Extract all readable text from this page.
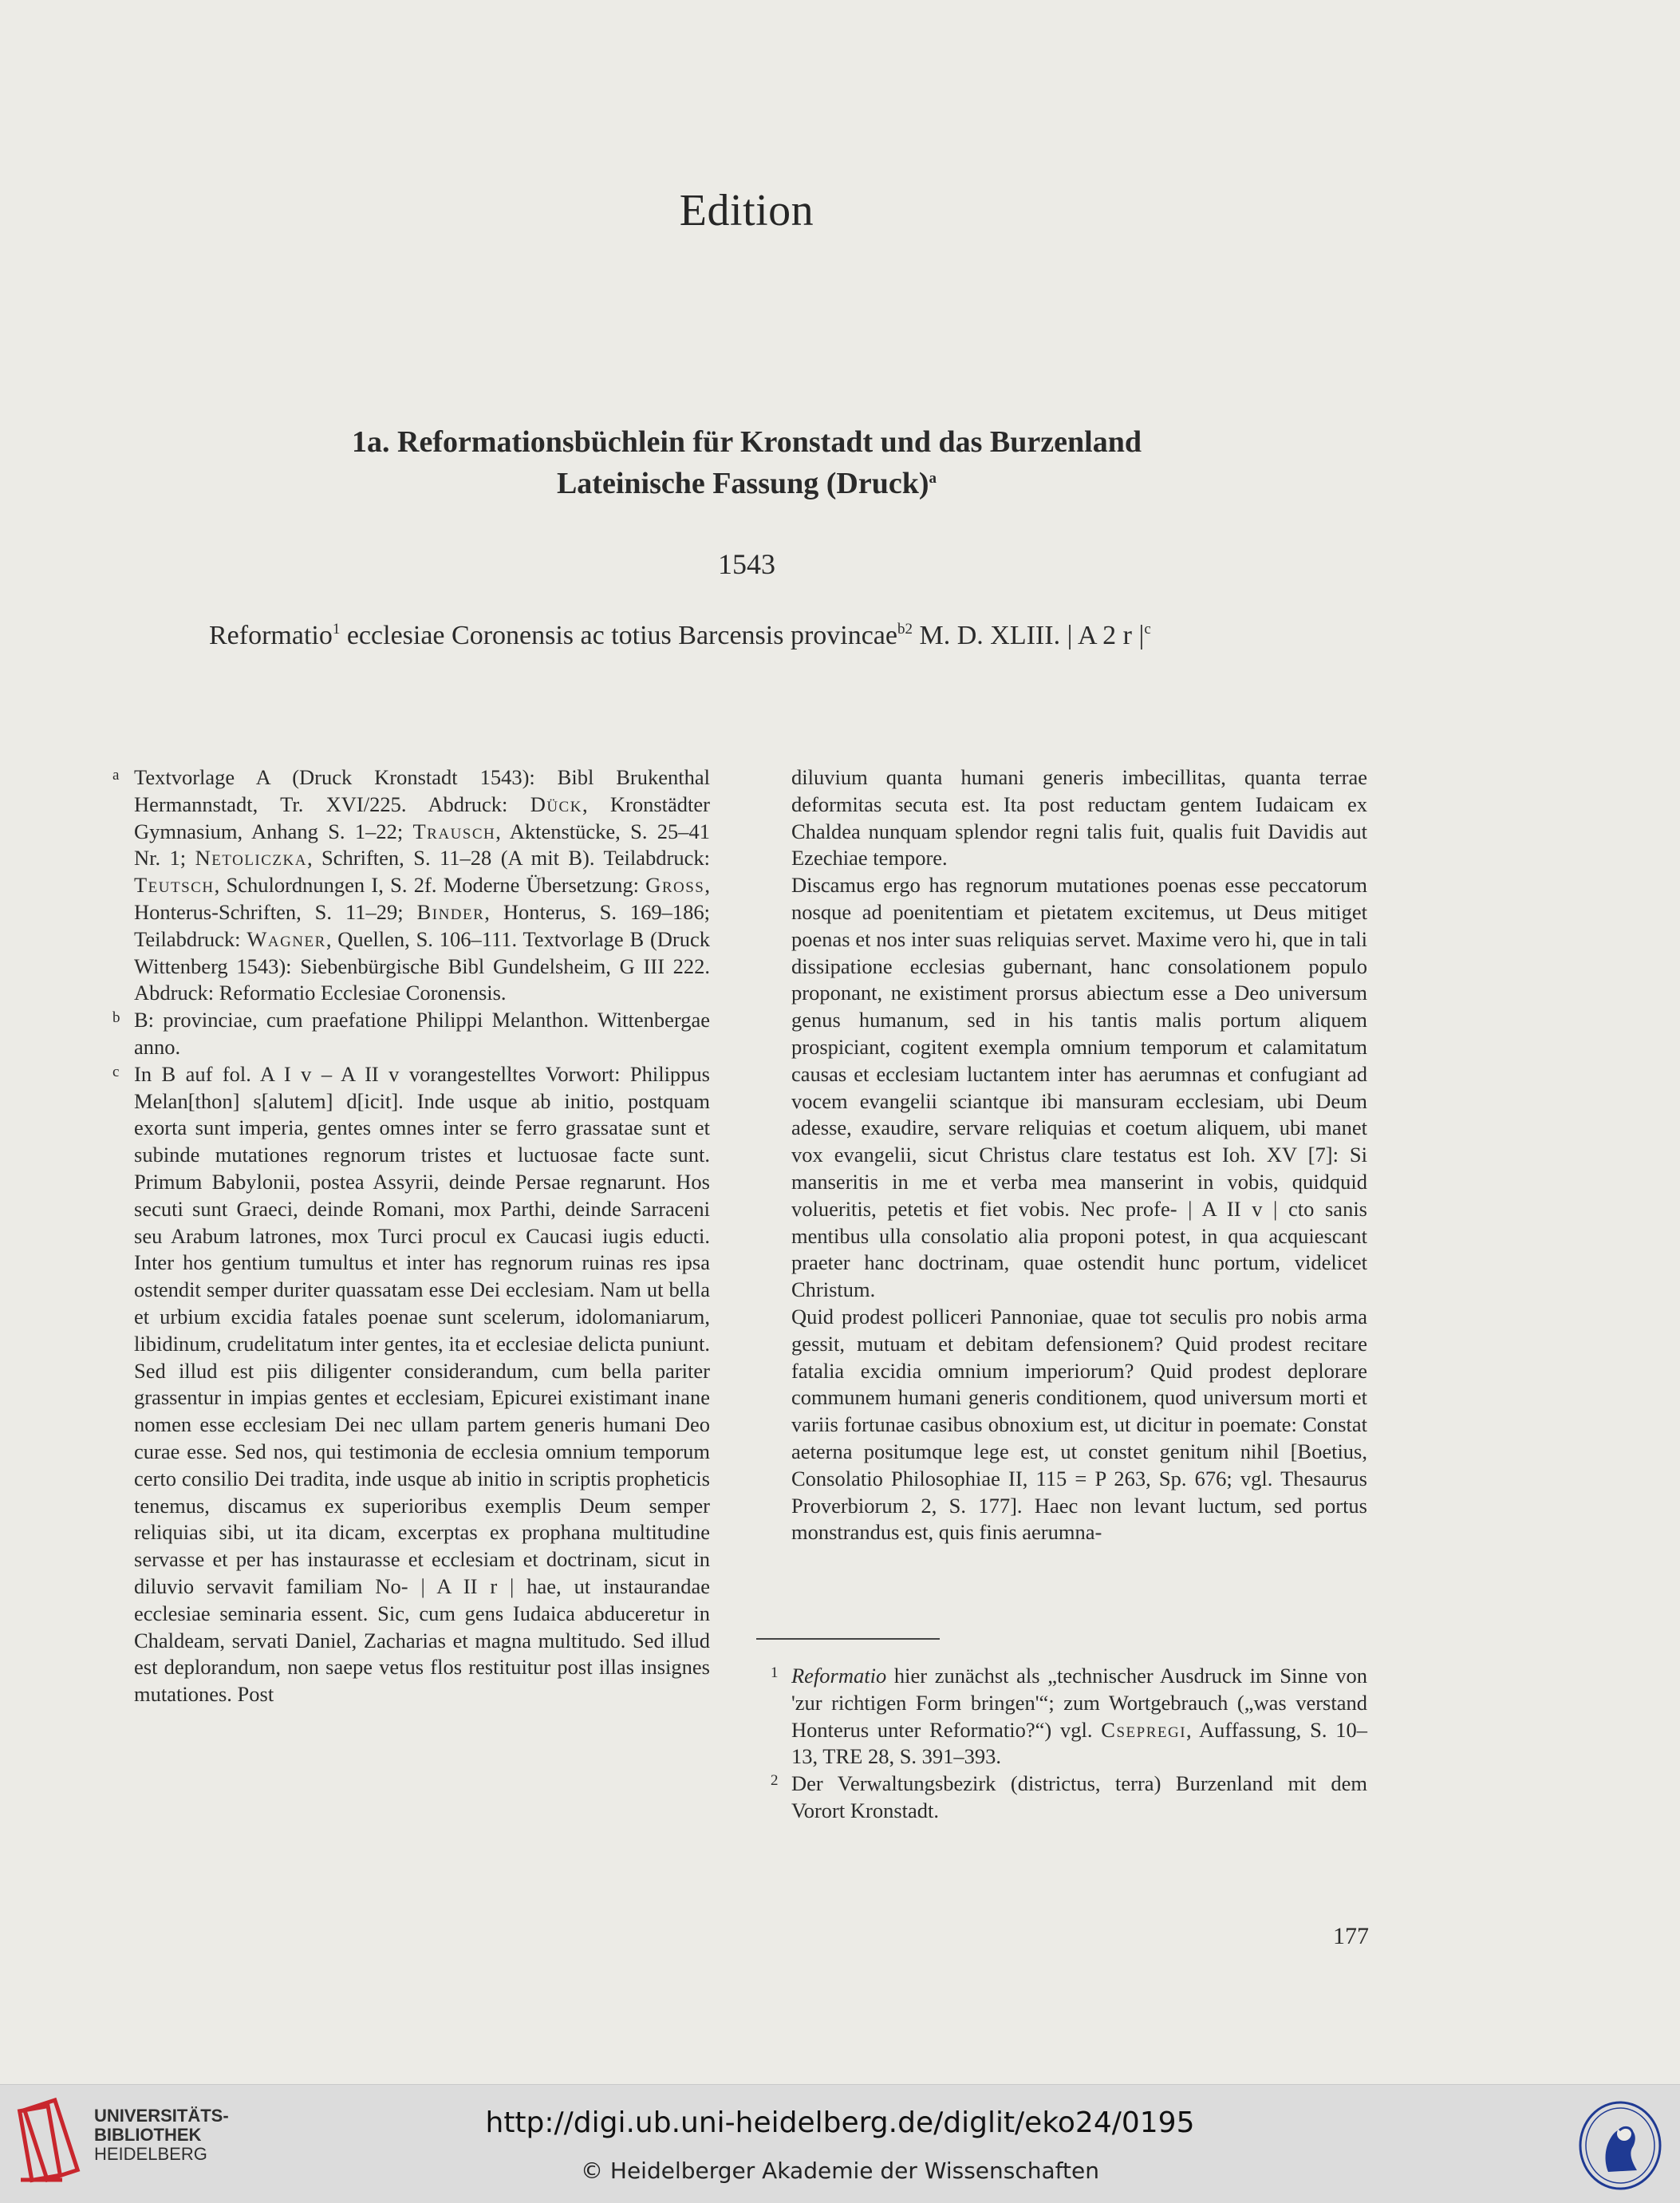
Edition
1a. Reformationsbüchlein für Kronstadt und das Burzenland
Lateinische Fassung (Druck)$^a$
1543
Reformatio$^1$ ecclesiae Coronensis ac totius Barcensis provincae$^{b2}$ M. D. XLIII. | A 2 r |$^c$

a Textvorlage A (Druck Kronstadt 1543): Bibl Brukenthal Hermannstadt, Tr. XVI/225. Abdruck: Dück, Kronstädter Gymnasium, Anhang S. 1–22; Trausch, Aktenstücke, S. 25–41 Nr. 1; Netoliczka, Schriften, S. 11–28 (A mit B). Teilabdruck: Teutsch, Schulordnungen I, S. 2f. Moderne Übersetzung: Gross, Honterus-Schriften, S. 11–29; Binder, Honterus, S. 169–186; Teilabdruck: Wagner, Quellen, S. 106–111. Textvorlage B (Druck Wittenberg 1543): Siebenbürgische Bibl Gundelsheim, G III 222. Abdruck: Reformatio Ecclesiae Coronensis.

b B: provinciae, cum praefatione Philippi Melanthon. Wittenbergae anno.

c In B auf fol. A I v – A II v vorangestelltes Vorwort: Philippus Melan[thon] s[alutem] d[icit]. Inde usque ab initio, postquam exorta sunt imperia, gentes omnes inter se ferro grassatae sunt et subinde mutationes regnorum tristes et luctuosae facte sunt. Primum Babylonii, postea Assyrii, deinde Persae regnarunt. Hos secuti sunt Graeci, deinde Romani, mox Parthi, deinde Sarraceni seu Arabum latrones, mox Turci procul ex Caucasi iugis educti. Inter hos gentium tumultus et inter has regnorum ruinas res ipsa ostendit semper duriter quassatam esse Dei ecclesiam. Nam ut bella et urbium excidia fatales poenae sunt scelerum, idolomaniarum, libidinum, crudelitatum inter gentes, ita et ecclesiae delicta puniunt. Sed illud est piis diligenter considerandum, cum bella pariter grassentur in impias gentes et ecclesiam, Epicurei existimant inane nomen esse ecclesiam Dei nec ullam partem generis humani Deo curae esse. Sed nos, qui testimonia de ecclesia omnium temporum certo consilio Dei tradita, inde usque ab initio in scriptis propheticis tenemus, discamus ex superioribus exemplis Deum semper reliquias sibi, ut ita dicam, excerptas ex prophana multitudine servasse et per has instaurasse et ecclesiam et doctrinam, sicut in diluvio servavit familiam No- | A II r | hae, ut instaurandae ecclesiae seminaria essent. Sic, cum gens Iudaica abduceretur in Chaldeam, servati Daniel, Zacharias et magna multitudo. Sed illud est deplorandum, non saepe vetus flos restituitur post illas insignes mutationes. Post

diluvium quanta humani generis imbecillitas, quanta terrae deformitas secuta est. Ita post reductam gentem Iudaicam ex Chaldea nunquam splendor regni talis fuit, qualis fuit Davidis aut Ezechiae tempore.

Discamus ergo has regnorum mutationes poenas esse peccatorum nosque ad poenitentiam et pietatem excitemus, ut Deus mitiget poenas et nos inter suas reliquias servet. Maxime vero hi, que in tali dissipatione ecclesias gubernant, hanc consolationem populo proponant, ne existiment prorsus abiectum esse a Deo universum genus humanum, sed in his tantis malis portum aliquem prospiciant, cogitent exempla omnium temporum et calamitatum causas et ecclesiam luctantem inter has aerumnas et confugiant ad vocem evangelii sciantque ibi mansuram ecclesiam, ubi Deum adesse, exaudire, servare reliquias et coetum aliquem, ubi manet vox evangelii, sicut Christus clare testatus est Ioh. XV [7]: Si manseritis in me et verba mea manserint in vobis, quidquid volueritis, petetis et fiet vobis. Nec profe- | A II v | cto sanis mentibus ulla consolatio alia proponi potest, in qua acquiescant praeter hanc doctrinam, quae ostendit hunc portum, videlicet Christum.

Quid prodest polliceri Pannoniae, quae tot seculis pro nobis arma gessit, mutuam et debitam defensionem? Quid prodest recitare fatalia excidia omnium imperiorum? Quid prodest deplorare communem humani generis conditionem, quod universum morti et variis fortunae casibus obnoxium est, ut dicitur in poemate: Constat aeterna positumque lege est, ut constet genitum nihil [Boetius, Consolatio Philosophiae II, 115 = P 263, Sp. 676; vgl. Thesaurus Proverbiorum 2, S. 177]. Haec non levant luctum, sed portus monstrandus est, quis finis aerumna-

1 Reformatio hier zunächst als „technischer Ausdruck im Sinne von 'zur richtigen Form bringen'“; zum Wortgebrauch („was verstand Honterus unter Reformatio?“) vgl. Csepregi, Auffassung, S. 10–13, TRE 28, S. 391–393.

2 Der Verwaltungsbezirk (districtus, terra) Burzenland mit dem Vorort Kronstadt.

177
UNIVERSITÄTS-
BIBLIOTHEK
HEIDELBERG
http://digi.ub.uni-heidelberg.de/diglit/eko24/0195
© Heidelberger Akademie der Wissenschaften
